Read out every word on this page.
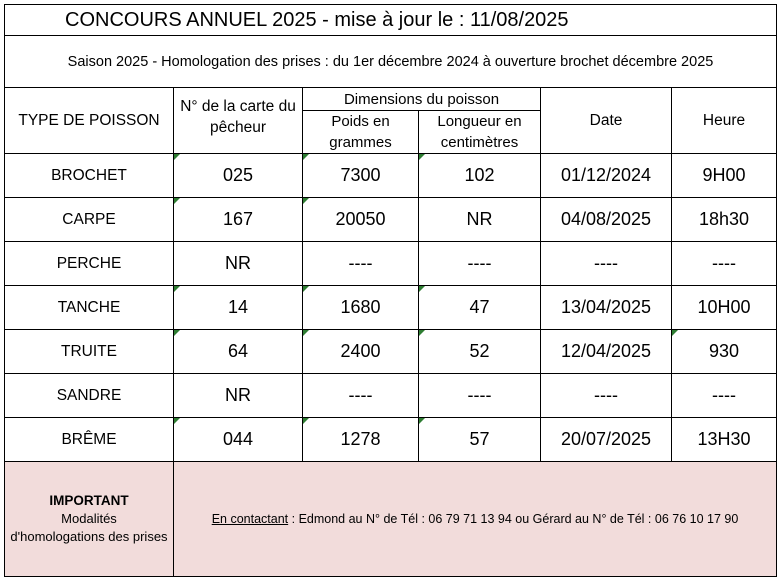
CONCOURS ANNUEL 2025 - mise à jour le : 11/08/2025					
Saison 2025 - Homologation des prises : du 1er décembre 2024 à ouverture brochet décembre 2025					
TYPE DE POISSON	N° de la carte du pêcheur	Dimensions du poisson		Date	Heure
		Poids en grammes	Longueur en centimètres		
BROCHET	025	7300	102	01/12/2024	9H00
CARPE	167	20050	NR	04/08/2025	18h30
PERCHE	NR	----	----	----	----
TANCHE	14	1680	47	13/04/2025	10H00
TRUITE	64	2400	52	12/04/2025	930
SANDRE	NR	----	----	----	----
BRÊME	044	1278	57	20/07/2025	13H30
IMPORTANT
Modalités
d'homologations des prises	En contactant : Edmond au N° de Tél : 06 79 71 13 94 ou Gérard au N° de Tél : 06 76 10 17 90				
